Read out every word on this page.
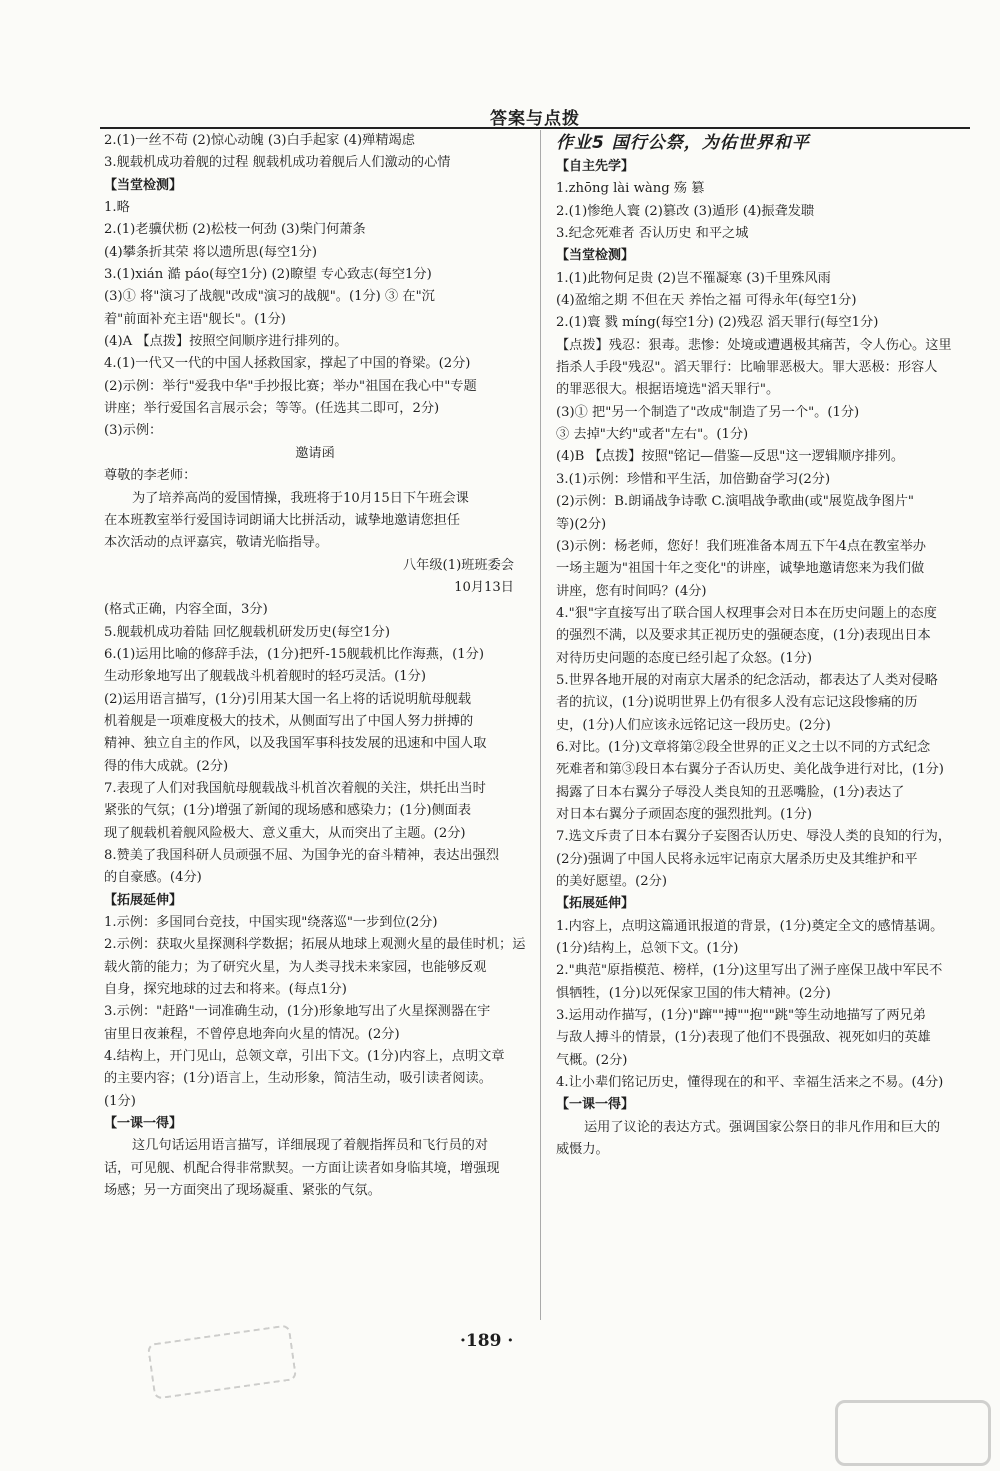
答案与点拨
2.(1)一丝不苟 (2)惊心动魄 (3)白手起家 (4)殚精竭虑
3.舰载机成功着舰的过程 舰载机成功着舰后人们激动的心情
【当堂检测】
1.略
2.(1)老骥伏枥 (2)松枝一何劲 (3)柴门何萧条
(4)攀条折其荣 将以遗所思(每空1分)
3.(1)xián 澔 páo(每空1分) (2)瞭望 专心致志(每空1分)
(3)① 将"演习了战舰"改成"演习的战舰"。(1分) ③ 在"沉
着"前面补充主语"舰长"。(1分)
(4)A 【点拨】按照空间顺序进行排列的。
4.(1)一代又一代的中国人拯救国家，撑起了中国的脊梁。(2分)
(2)示例：举行"爱我中华"手抄报比赛；举办"祖国在我心中"专题
讲座；举行爱国名言展示会；等等。(任选其二即可，2分)
(3)示例：
邀请函
尊敬的李老师：
为了培养高尚的爱国情操，我班将于10月15日下午班会课
在本班教室举行爱国诗词朗诵大比拼活动，诚挚地邀请您担任
本次活动的点评嘉宾，敬请光临指导。
八年级(1)班班委会
10月13日
(格式正确，内容全面，3分)
5.舰载机成功着陆 回忆舰载机研发历史(每空1分)
6.(1)运用比喻的修辞手法，(1分)把歼-15舰载机比作海燕，(1分)
生动形象地写出了舰载战斗机着舰时的轻巧灵活。(1分)
(2)运用语言描写，(1分)引用某大国一名上将的话说明航母舰载
机着舰是一项难度极大的技术，从侧面写出了中国人努力拼搏的
精神、独立自主的作风，以及我国军事科技发展的迅速和中国人取
得的伟大成就。(2分)
7.表现了人们对我国航母舰载战斗机首次着舰的关注，烘托出当时
紧张的气氛；(1分)增强了新闻的现场感和感染力；(1分)侧面表
现了舰载机着舰风险极大、意义重大，从而突出了主题。(2分)
8.赞美了我国科研人员顽强不屈、为国争光的奋斗精神，表达出强烈
的自豪感。(4分)
【拓展延伸】
1.示例：多国同台竞技，中国实现"绕落巡"一步到位(2分)
2.示例：获取火星探测科学数据；拓展从地球上观测火星的最佳时机；运
载火箭的能力；为了研究火星，为人类寻找未来家园，也能够反观
自身，探究地球的过去和将来。(每点1分)
3.示例："赶路"一词准确生动，(1分)形象地写出了火星探测器在宇
宙里日夜兼程，不曾停息地奔向火星的情况。(2分)
4.结构上，开门见山，总领文章，引出下文。(1分)内容上，点明文章
的主要内容；(1分)语言上，生动形象，简洁生动，吸引读者阅读。
(1分)
【一课一得】
这几句话运用语言描写，详细展现了着舰指挥员和飞行员的对
话，可见舰、机配合得非常默契。一方面让读者如身临其境，增强现
场感；另一方面突出了现场凝重、紧张的气氛。
作业5 国行公祭，为佑世界和平
【自主先学】
1.zhōng lài wàng 殇 篡
2.(1)惨绝人寰 (2)篡改 (3)遁形 (4)振聋发聩
3.纪念死难者 否认历史 和平之城
【当堂检测】
1.(1)此物何足贵 (2)岂不罹凝寒 (3)千里殊风雨
(4)盈缩之期 不但在天 养怡之福 可得永年(每空1分)
2.(1)寰 戮 míng(每空1分) (2)残忍 滔天罪行(每空1分)
【点拨】残忍：狠毒。悲惨：处境或遭遇极其痛苦，令人伤心。这里
指杀人手段"残忍"。滔天罪行：比喻罪恶极大。罪大恶极：形容人
的罪恶很大。根据语境选"滔天罪行"。
(3)① 把"另一个制造了"改成"制造了另一个"。(1分)
③ 去掉"大约"或者"左右"。(1分)
(4)B 【点拨】按照"铭记—借鉴—反思"这一逻辑顺序排列。
3.(1)示例：珍惜和平生活，加倍勤奋学习(2分)
(2)示例：B.朗诵战争诗歌 C.演唱战争歌曲(或"展览战争图片"
等)(2分)
(3)示例：杨老师，您好！我们班准备本周五下午4点在教室举办
一场主题为"祖国十年之变化"的讲座，诚挚地邀请您来为我们做
讲座，您有时间吗？(4分)
4."狠"字直接写出了联合国人权理事会对日本在历史问题上的态度
的强烈不满，以及要求其正视历史的强硬态度，(1分)表现出日本
对待历史问题的态度已经引起了众怒。(1分)
5.世界各地开展的对南京大屠杀的纪念活动，都表达了人类对侵略
者的抗议，(1分)说明世界上仍有很多人没有忘记这段惨痛的历
史，(1分)人们应该永远铭记这一段历史。(2分)
6.对比。(1分)文章将第②段全世界的正义之士以不同的方式纪念
死难者和第③段日本右翼分子否认历史、美化战争进行对比，(1分)
揭露了日本右翼分子辱没人类良知的丑恶嘴脸，(1分)表达了
对日本右翼分子顽固态度的强烈批判。(1分)
7.选文斥责了日本右翼分子妄图否认历史、辱没人类的良知的行为，
(2分)强调了中国人民将永远牢记南京大屠杀历史及其维护和平
的美好愿望。(2分)
【拓展延伸】
1.内容上，点明这篇通讯报道的背景，(1分)奠定全文的感情基调。
(1分)结构上，总领下文。(1分)
2."典范"原指模范、榜样，(1分)这里写出了洲子座保卫战中军民不
惧牺牲，(1分)以死保家卫国的伟大精神。(2分)
3.运用动作描写，(1分)"蹿""搏""抱""跳"等生动地描写了两兄弟
与敌人搏斗的情景，(1分)表现了他们不畏强敌、视死如归的英雄
气概。(2分)
4.让小辈们铭记历史，懂得现在的和平、幸福生活来之不易。(4分)
【一课一得】
运用了议论的表达方式。强调国家公祭日的非凡作用和巨大的
威慑力。
·189 ·
